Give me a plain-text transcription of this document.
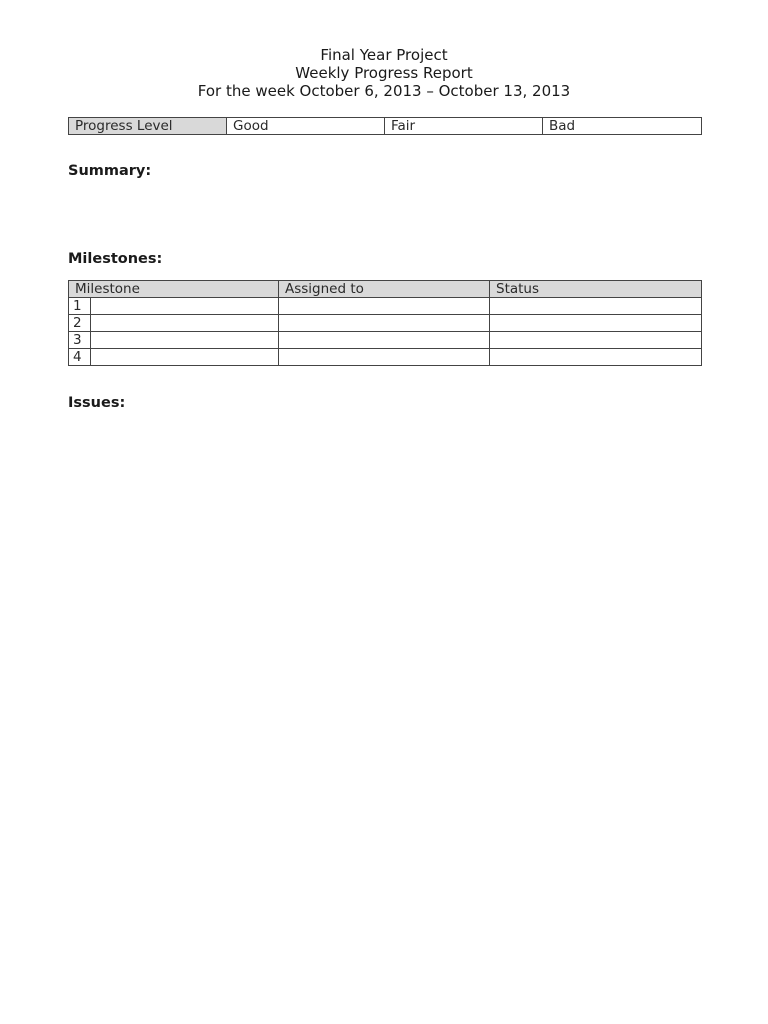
Final Year Project
Weekly Progress Report
For the week October 6, 2013 – October 13, 2013
Progress Level	Good	Fair	Bad
Summary:
Milestones:
Milestone		Assigned to	Status
1			
2			
3			
4			
Issues:
